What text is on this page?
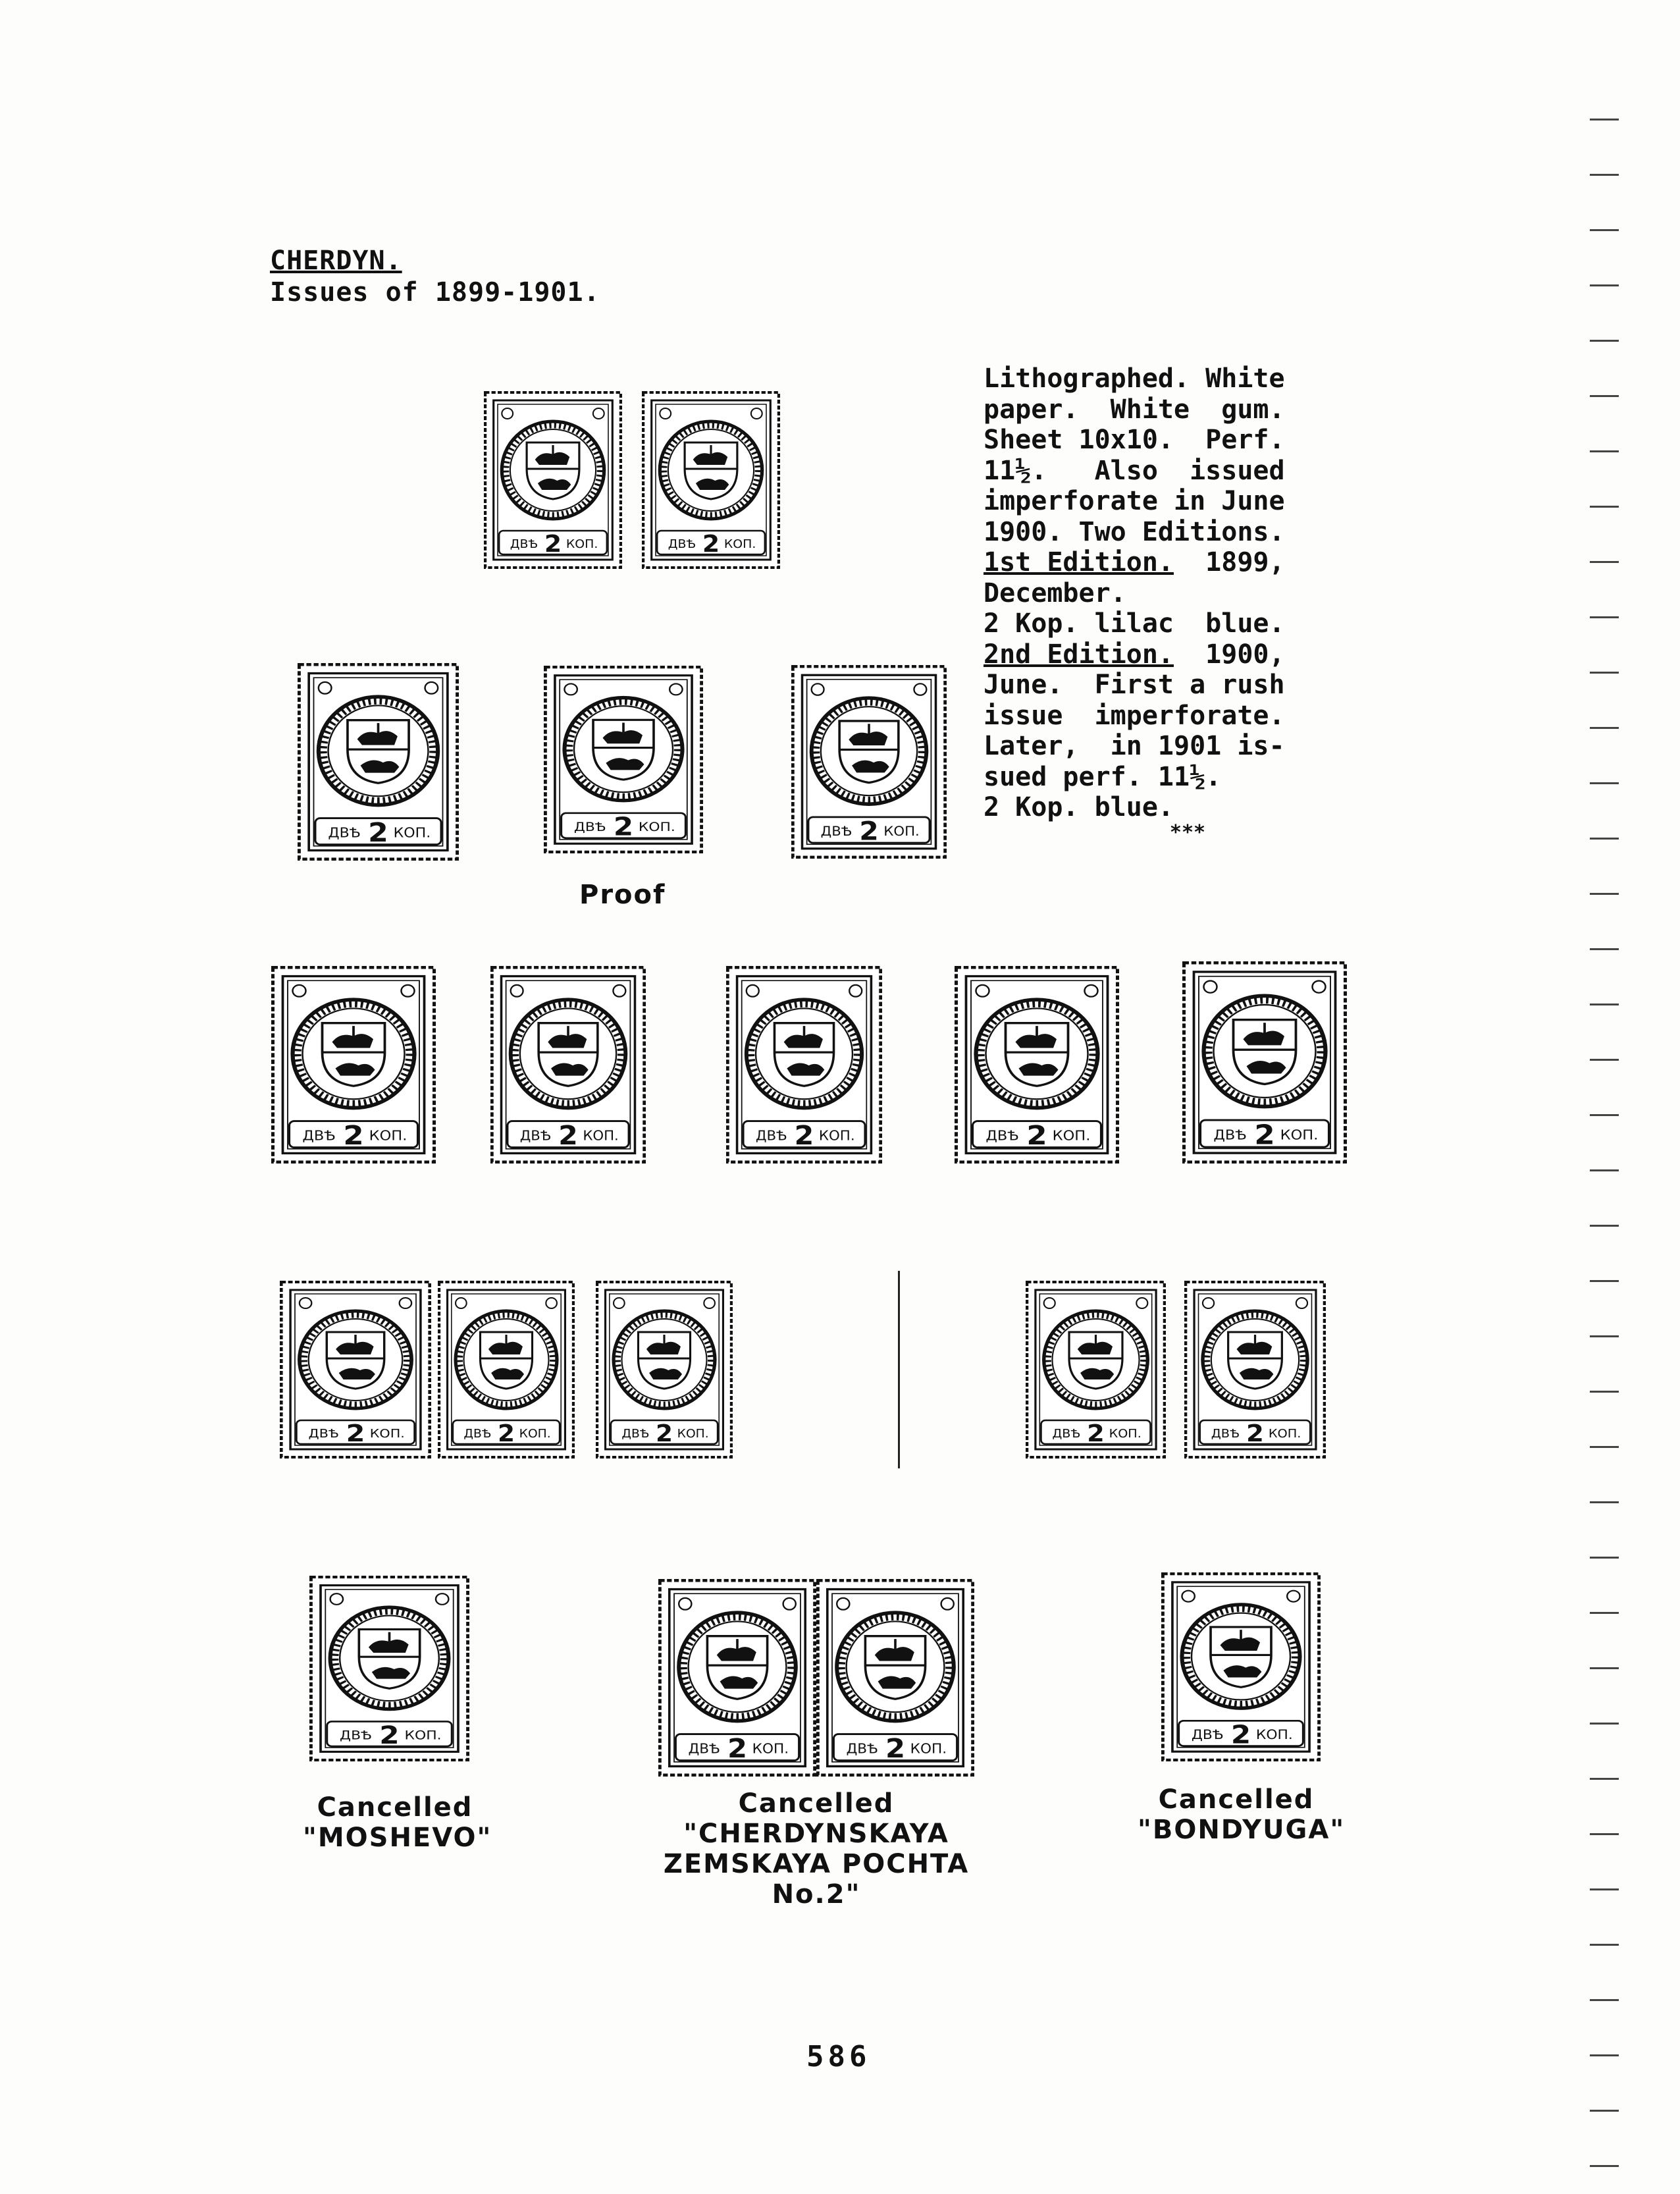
CHERDYN.
Issues of 1899-1901.
Lithographed. White
paper.  White  gum.
Sheet 10x10.  Perf.
11½.   Also  issued
imperforate in June
1900. Two Editions.
1st Edition.  1899,
December.
2 Kop. lilac  blue.
2nd Edition.  1900,
June.  First a rush
issue  imperforate.
Later,  in 1901 is-
sued perf. 11½.
2 Kop. blue.
***
ДВѢ 2 КОП.	ДВѢ 2 КОП.
ДВѢ 2 КОП.	ДВѢ 2 КОП.	ДВѢ 2 КОП.
Proof
ДВѢ 2 КОП.	ДВѢ 2 КОП.	ДВѢ 2 КОП.	ДВѢ 2 КОП.	ДВѢ 2 КОП.
ДВѢ 2 КОП.	ДВѢ 2 КОП.	ДВѢ 2 КОП.	ДВѢ 2 КОП.	ДВѢ 2 КОП.
ДВѢ 2 КОП.
ДВѢ 2 КОП.	ДВѢ 2 КОП.
ДВѢ 2 КОП.
Cancelled
"MOSHEVO"
Cancelled
"CHERDYNSKAYA
ZEMSKAYA POCHTA
No.2"
Cancelled
"BONDYUGA"
586
